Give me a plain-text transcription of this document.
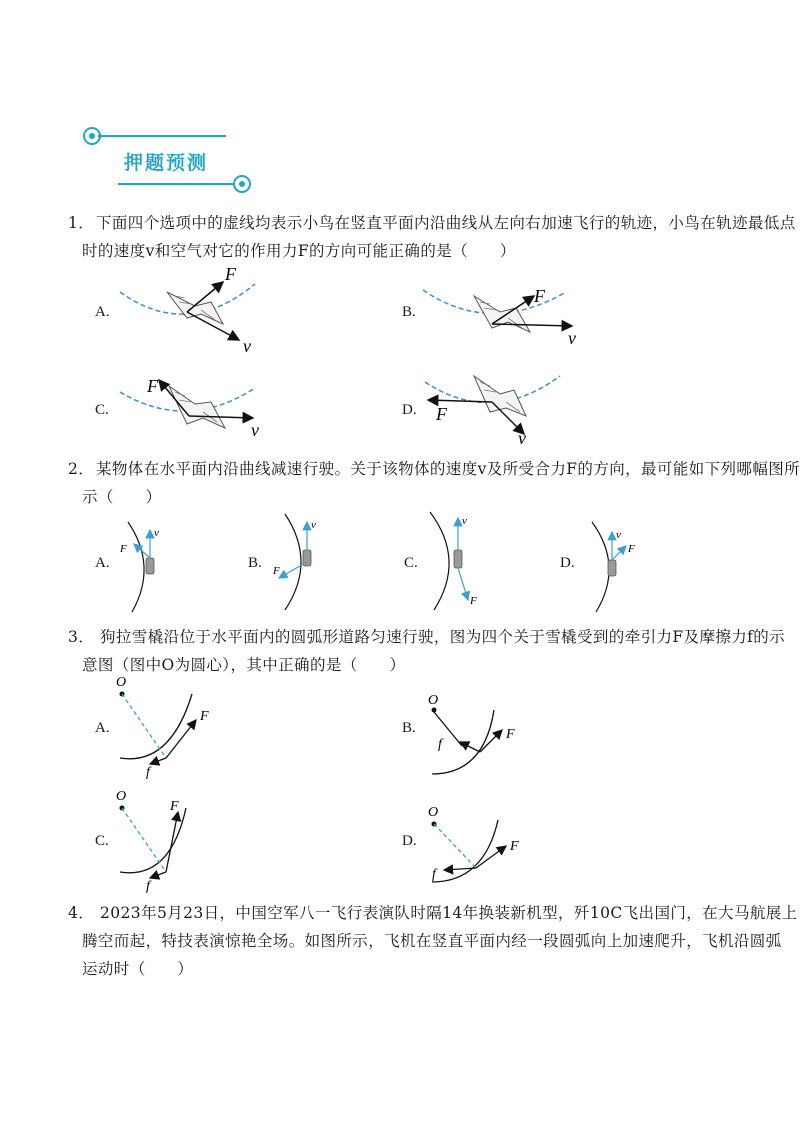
押题预测
1． 下面四个选项中的虚线均表示小鸟在竖直平面内沿曲线从左向右加速飞行的轨迹，小鸟在轨迹最低点
时的速度v和空气对它的作用力F的方向可能正确的是（　　）
A.	B.
C.	D.
F
v
F
v
F
v
F
v
2． 某物体在水平面内沿曲线减速行驶。关于该物体的速度v及所受合力F的方向，最可能如下列哪幅图所
示（　　）
A.	B.	C.	D.
v
F
v
F
v
F
v
F
3． 狗拉雪橇沿位于水平面内的圆弧形道路匀速行驶，图为四个关于雪橇受到的牵引力F及摩擦力f的示
意图（图中O为圆心），其中正确的是（　　）
A.	B.
C.	D.
O
F
f
O
F
f
O
F
f
O
F
f
4． 2023年5月23日，中国空军八一飞行表演队时隔14年换装新机型，歼10C飞出国门，在大马航展上
腾空而起，特技表演惊艳全场。如图所示，飞机在竖直平面内经一段圆弧向上加速爬升，飞机沿圆弧
运动时（　　）
